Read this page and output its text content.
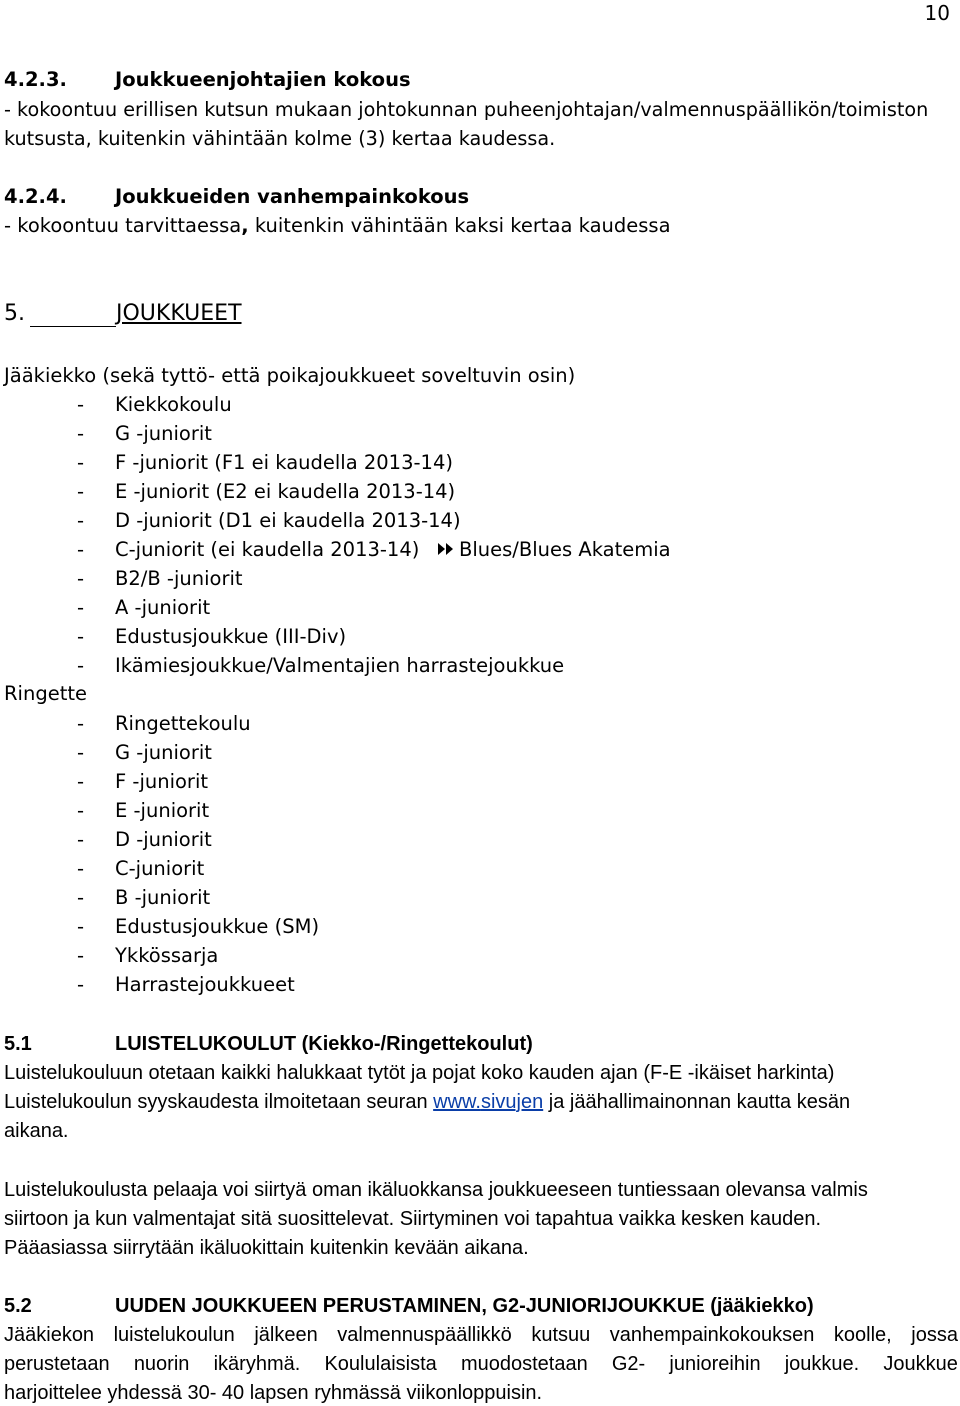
10
4.2.3. Joukkueenjohtajien kokous
- kokoontuu erillisen kutsun mukaan johtokunnan puheenjohtajan/valmennuspäällikön/toimiston
kutsusta, kuitenkin vähintään kolme (3) kertaa kaudessa.
4.2.4. Joukkueiden vanhempainkokous
- kokoontuu tarvittaessa, kuitenkin vähintään kaksi kertaa kaudessa
5.	JOUKKUEET
Jääkiekko (sekä tyttö- että poikajoukkueet soveltuvin osin)
- Kiekkokoulu
- G -juniorit
- F -juniorit (F1 ei kaudella 2013-14)
- E -juniorit (E2 ei kaudella 2013-14)
- D -juniorit (D1 ei kaudella 2013-14)
- C-juniorit (ei kaudella 2013-14) Blues/Blues Akatemia
- B2/B -juniorit
- A -juniorit
- Edustusjoukkue (III-Div)
- Ikämiesjoukkue/Valmentajien harrastejoukkue
Ringette
- Ringettekoulu
- G -juniorit
- F -juniorit
- E -juniorit
- D -juniorit
- C-juniorit
- B -juniorit
- Edustusjoukkue (SM)
- Ykkössarja
- Harrastejoukkueet
5.1	LUISTELUKOULUT (Kiekko-/Ringettekoulut)
Luistelukouluun otetaan kaikki halukkaat tytöt ja pojat koko kauden ajan (F-E -ikäiset harkinta)
Luistelukoulun syyskaudesta ilmoitetaan seuran www.sivujen ja jäähallimainonnan kautta kesän
aikana.
Luistelukoulusta pelaaja voi siirtyä oman ikäluokkansa joukkueeseen tuntiessaan olevansa valmis
siirtoon ja kun valmentajat sitä suosittelevat. Siirtyminen voi tapahtua vaikka kesken kauden.
Pääasiassa siirrytään ikäluokittain kuitenkin kevään aikana.
5.2	UUDEN JOUKKUEEN PERUSTAMINEN, G2-JUNIORIJOUKKUE (jääkiekko)
Jääkiekon luistelukoulun jälkeen valmennuspäällikkö kutsuu vanhempainkokouksen koolle, jossa
perustetaan nuorin ikäryhmä. Koululaisista muodostetaan G2- junioreihin joukkue. Joukkue
harjoittelee yhdessä 30- 40 lapsen ryhmässä viikonloppuisin.
